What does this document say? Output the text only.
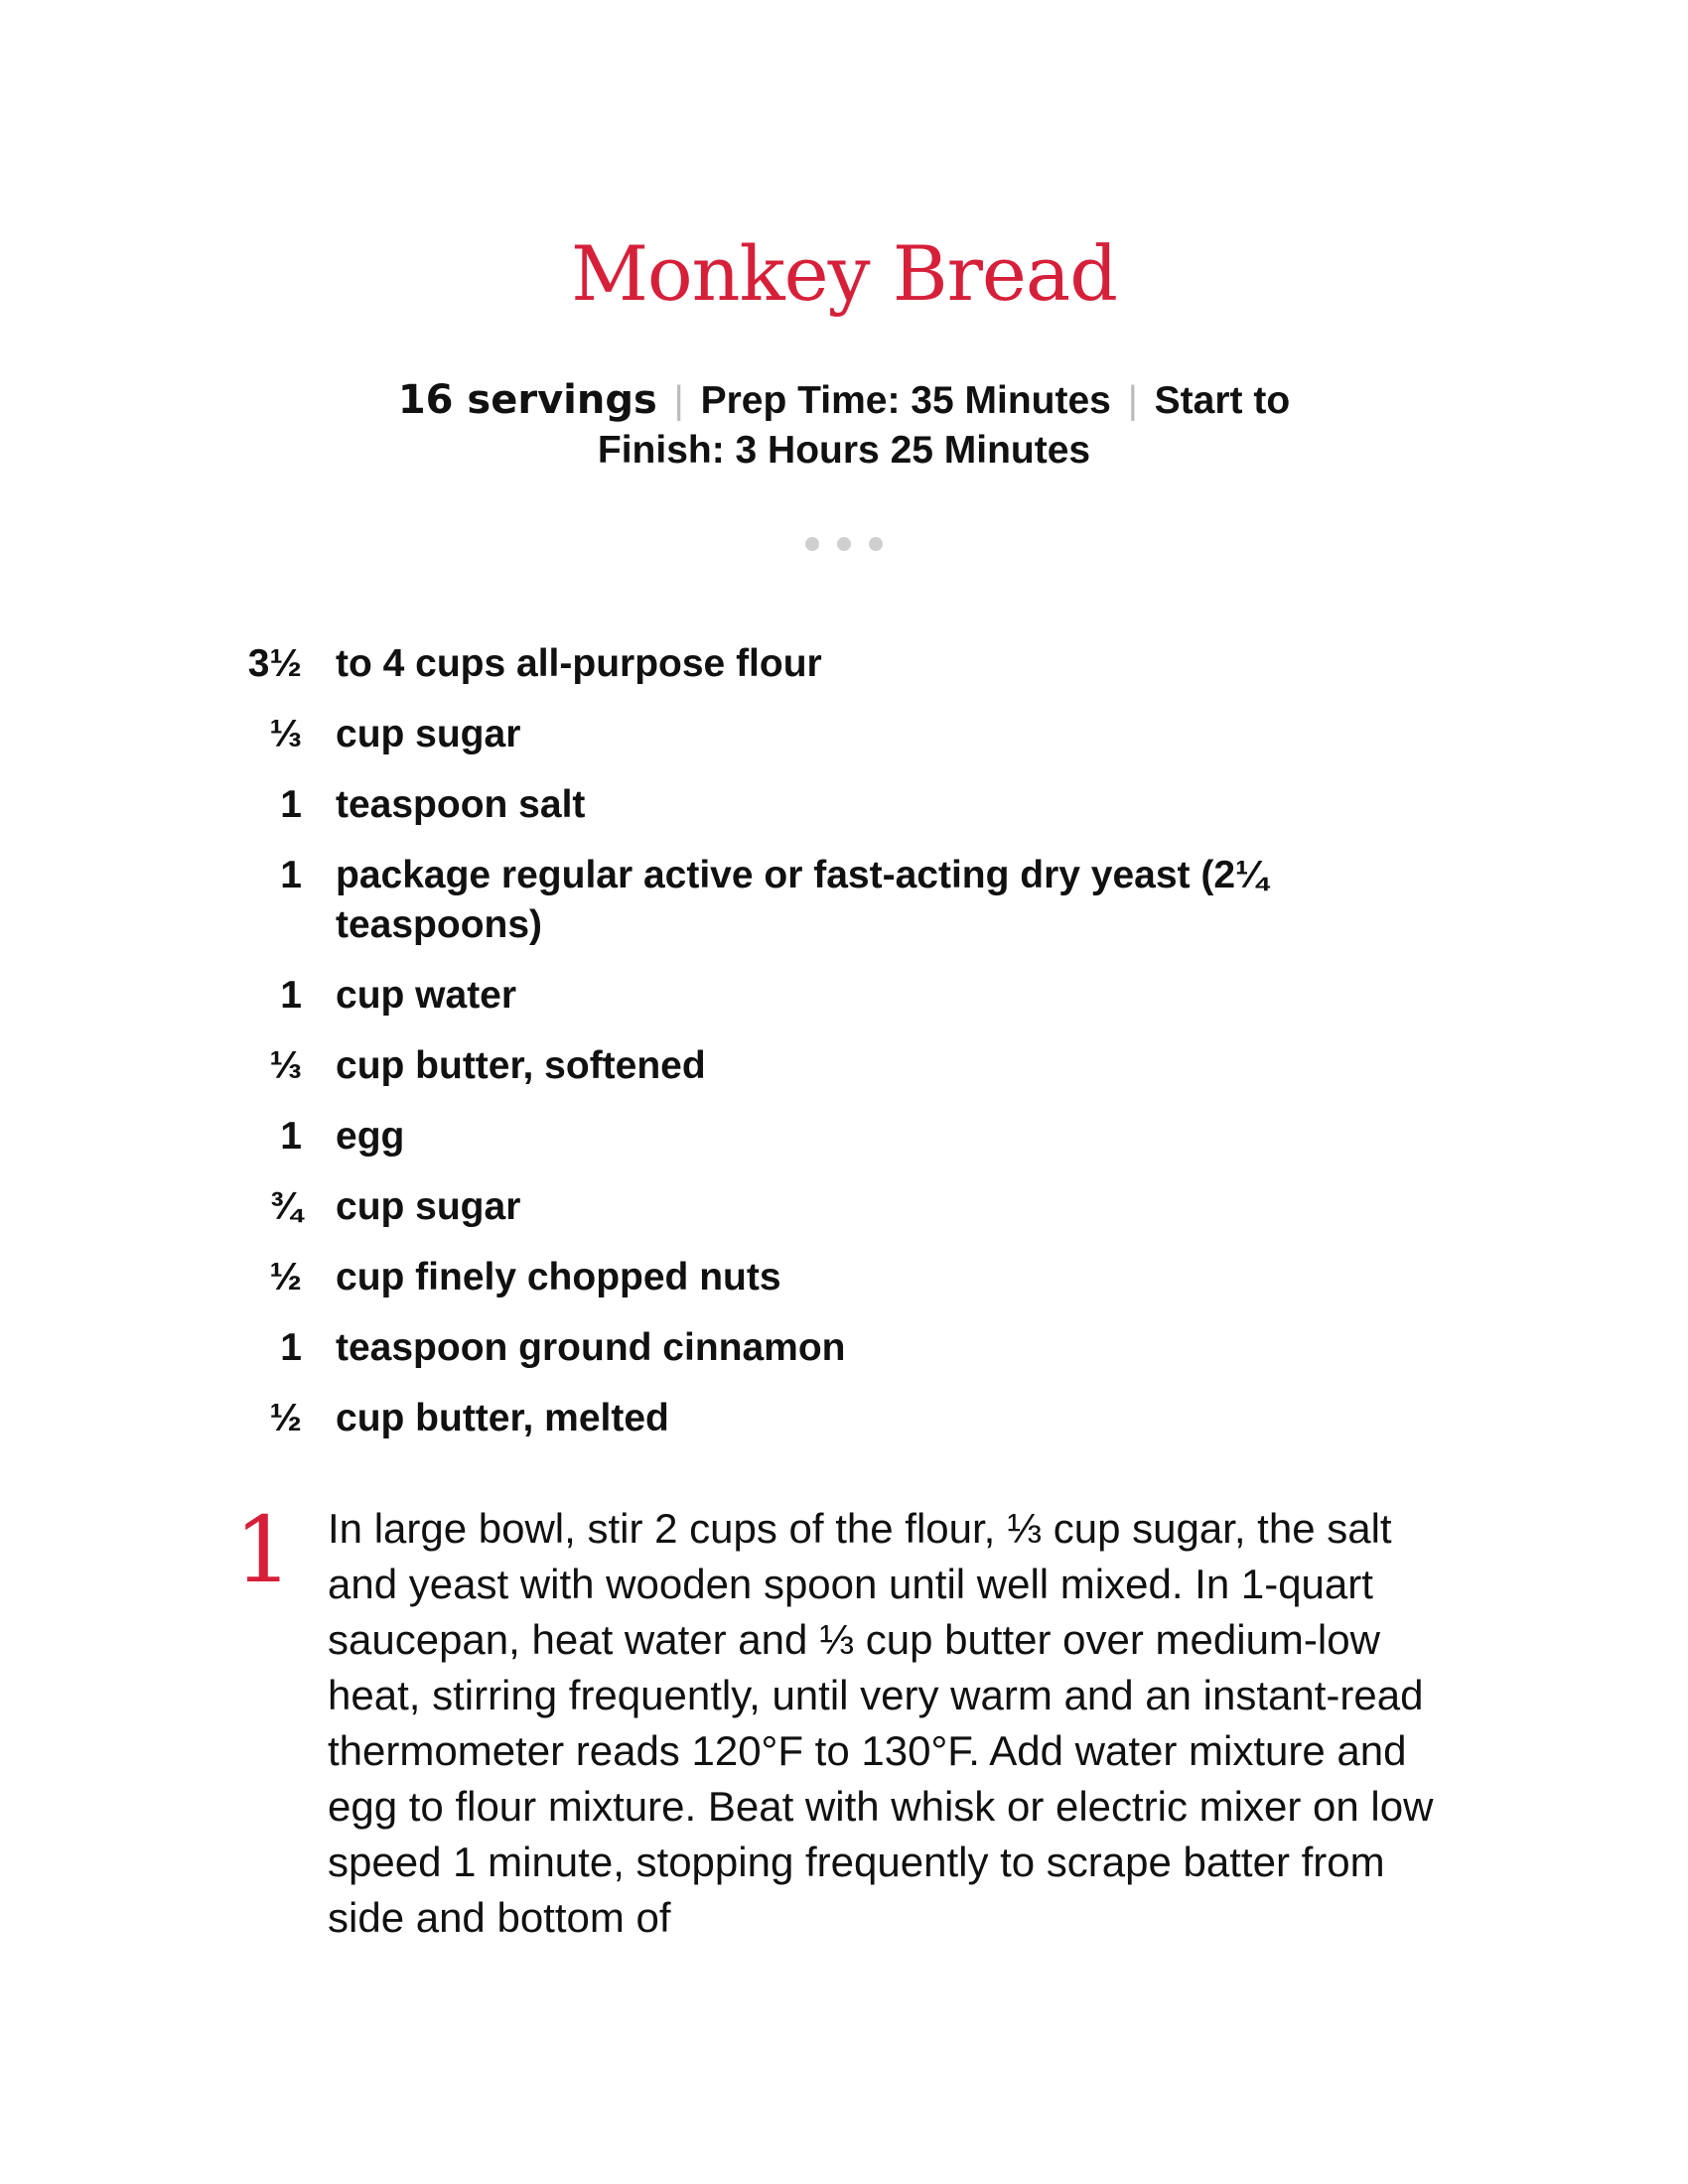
Monkey Bread
16 servings | Prep Time: 35 Minutes | Start to Finish: 3 Hours 25 Minutes
3½ to 4 cups all-purpose flour
⅓ cup sugar
1 teaspoon salt
1 package regular active or fast-acting dry yeast (2¼ teaspoons)
1 cup water
⅓ cup butter, softened
1 egg
¾ cup sugar
½ cup finely chopped nuts
1 teaspoon ground cinnamon
½ cup butter, melted
1 In large bowl, stir 2 cups of the flour, ⅓ cup sugar, the salt and yeast with wooden spoon until well mixed. In 1-quart saucepan, heat water and ⅓ cup butter over medium-low heat, stirring frequently, until very warm and an instant-read thermometer reads 120°F to 130°F. Add water mixture and egg to flour mixture. Beat with whisk or electric mixer on low speed 1 minute, stopping frequently to scrape batter from side and bottom of
